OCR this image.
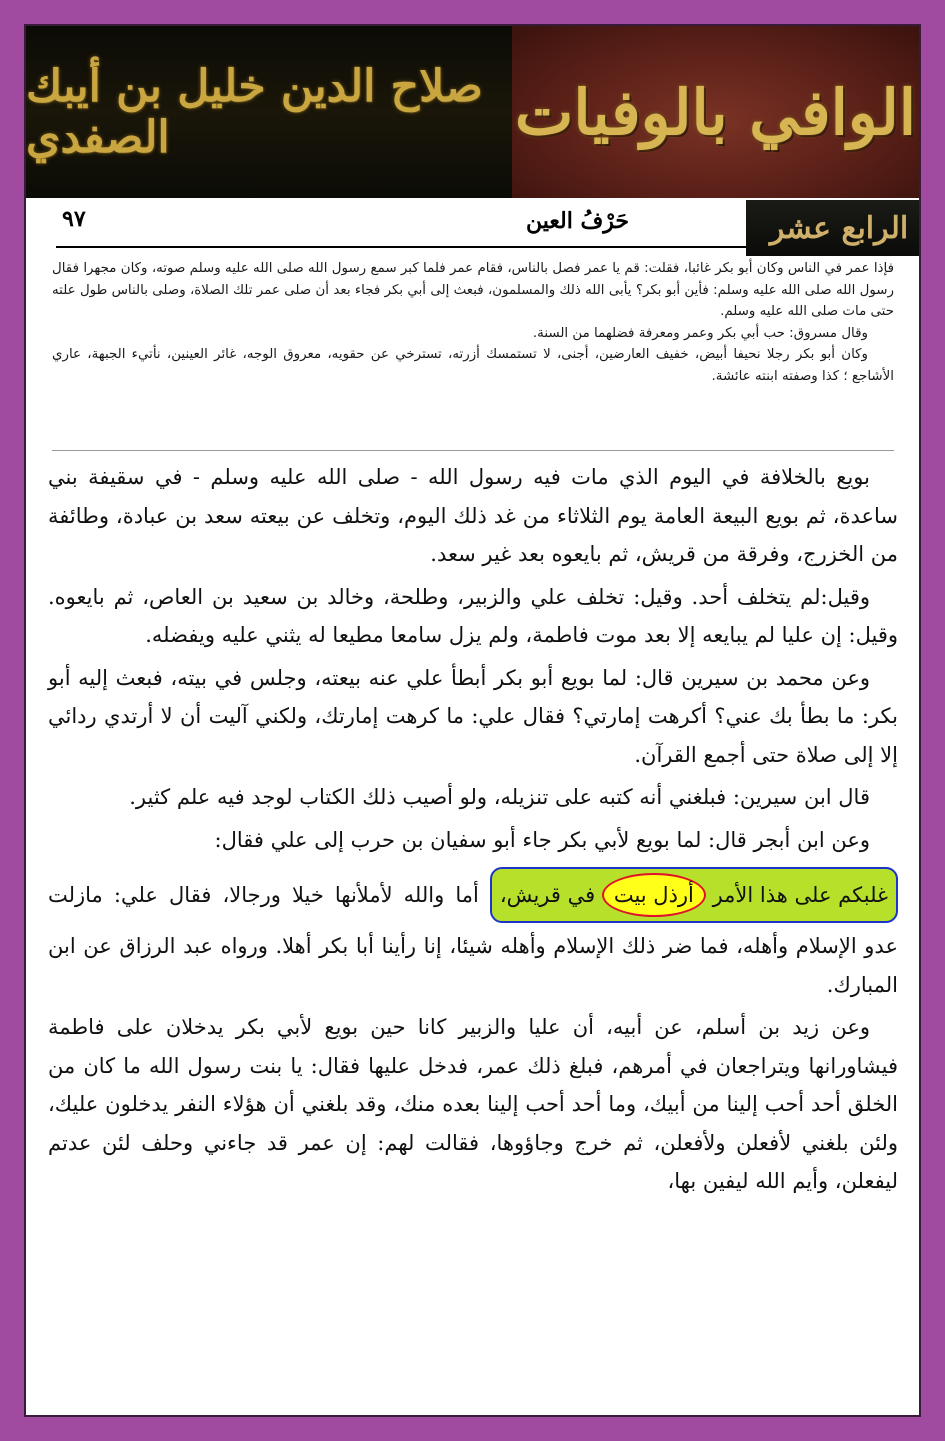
صلاح الدين خليل بن أيبك الصفدي	الوافي بالوفيات
الرابع عشر
٩٧	حَرْفُ العين

فإذا عمر في الناس وكان أبو بكر غائبا، فقلت: قم يا عمر فصل بالناس، فقام عمر فلما كبر سمع رسول الله صلى الله عليه وسلم صوته، وكان مجهرا فقال رسول الله صلى الله عليه وسلم: فأين أبو بكر؟ يأبى الله ذلك والمسلمون، فبعث إلى أبي بكر فجاء بعد أن صلى عمر تلك الصلاة، وصلى بالناس طول علته حتى مات صلى الله عليه وسلم.

وقال مسروق: حب أبي بكر وعمر ومعرفة فضلهما من السنة.

وكان أبو بكر رجلا نحيفا أبيض، خفيف العارضين، أجنى، لا تستمسك أزرته، تسترخي عن حقويه، معروق الوجه، غائر العينين، نأتيء الجبهة، عاري الأشاجع ؛ كذا وصفته ابنته عائشة.

بويع بالخلافة في اليوم الذي مات فيه رسول الله - صلى الله عليه وسلم - في سقيفة بني ساعدة، ثم بويع البيعة العامة يوم الثلاثاء من غد ذلك اليوم، وتخلف عن بيعته سعد بن عبادة، وطائفة من الخزرج، وفرقة من قريش، ثم بايعوه بعد غير سعد.

وقيل:لم يتخلف أحد. وقيل: تخلف علي والزبير، وطلحة، وخالد بن سعيد بن العاص، ثم بايعوه. وقيل: إن عليا لم يبايعه إلا بعد موت فاطمة، ولم يزل سامعا مطيعا له يثني عليه ويفضله.

وعن محمد بن سيرين قال: لما بويع أبو بكر أبطأ علي عنه بيعته، وجلس في بيته، فبعث إليه أبو بكر: ما بطأ بك عني؟ أكرهت إمارتي؟ فقال علي: ما كرهت إمارتك، ولكني آليت أن لا أرتدي ردائي إلا إلى صلاة حتى أجمع القرآن.

قال ابن سيرين: فبلغني أنه كتبه على تنزيله، ولو أصيب ذلك الكتاب لوجد فيه علم كثير.

وعن ابن أبجر قال: لما بويع لأبي بكر جاء أبو سفيان بن حرب إلى علي فقال:

غلبكم على هذا الأمر أرذل بيت في قريش، أما والله لأملأنها خيلا ورجالا، فقال علي: مازلت عدو الإسلام وأهله، فما ضر ذلك الإسلام وأهله شيئا، إنا رأينا أبا بكر أهلا. ورواه عبد الرزاق عن ابن المبارك.

وعن زيد بن أسلم، عن أبيه، أن عليا والزبير كانا حين بويع لأبي بكر يدخلان على فاطمة فيشاورانها ويتراجعان في أمرهم، فبلغ ذلك عمر، فدخل عليها فقال: يا بنت رسول الله ما كان من الخلق أحد أحب إلينا من أبيك، وما أحد أحب إلينا بعده منك، وقد بلغني أن هؤلاء النفر يدخلون عليك، ولئن بلغني لأفعلن ولأفعلن، ثم خرج وجاؤوها، فقالت لهم: إن عمر قد جاءني وحلف لئن عدتم ليفعلن، وأيم الله ليفين بها،
